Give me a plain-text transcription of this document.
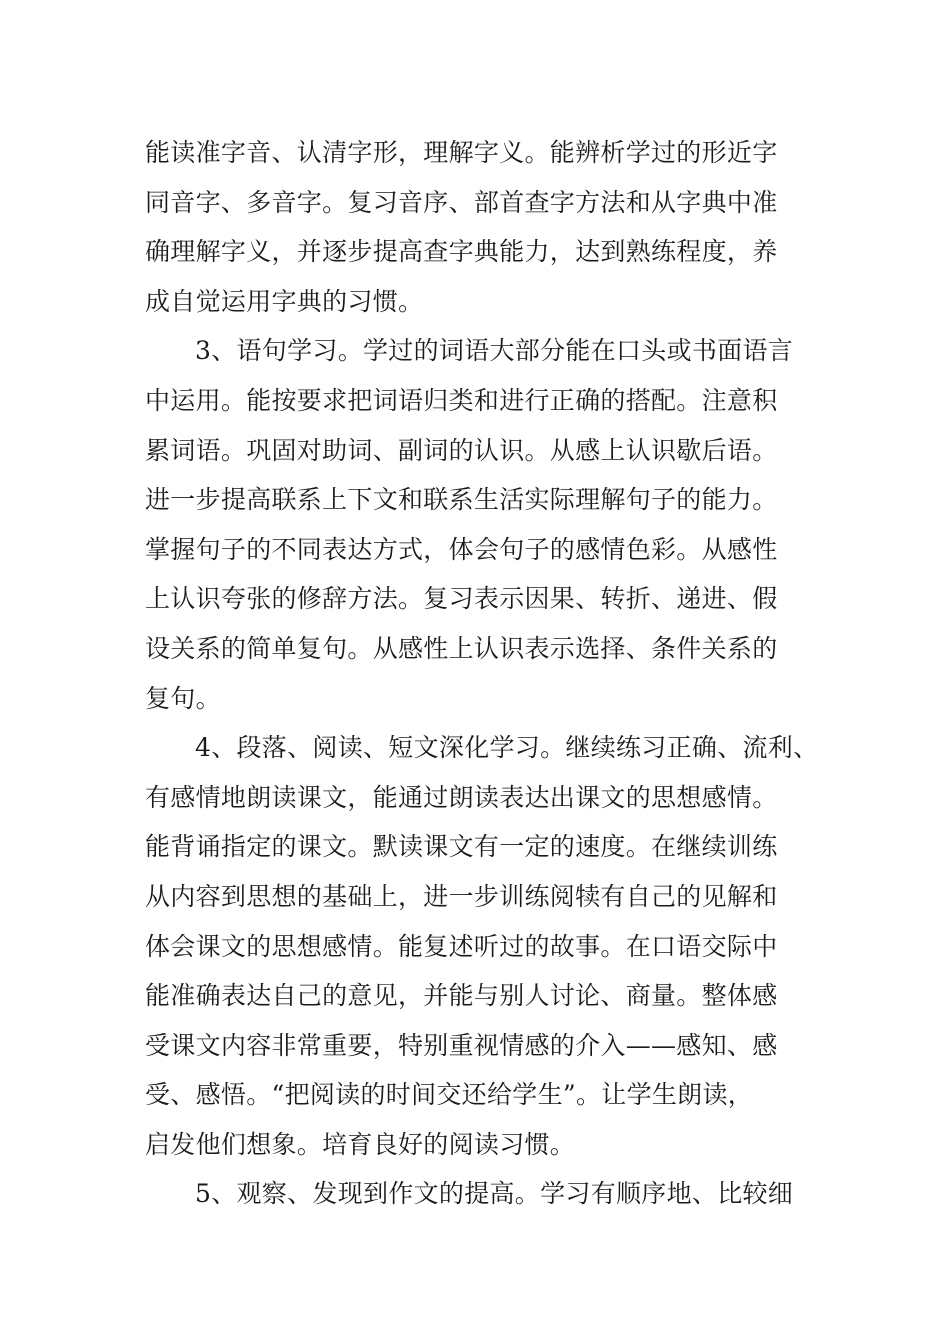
能读准字音、认清字形，理解字义。能辨析学过的形近字
同音字、多音字。复习音序、部首查字方法和从字典中准
确理解字义，并逐步提高查字典能力，达到熟练程度，养
成自觉运用字典的习惯。
3、语句学习。学过的词语大部分能在口头或书面语言
中运用。能按要求把词语归类和进行正确的搭配。注意积
累词语。巩固对助词、副词的认识。从感上认识歇后语。
进一步提高联系上下文和联系生活实际理解句子的能力。
掌握句子的不同表达方式，体会句子的感情色彩。从感性
上认识夸张的修辞方法。复习表示因果、转折、递进、假
设关系的简单复句。从感性上认识表示选择、条件关系的
复句。
4、段落、阅读、短文深化学习。继续练习正确、流利、
有感情地朗读课文，能通过朗读表达出课文的思想感情。
能背诵指定的课文。默读课文有一定的速度。在继续训练
从内容到思想的基础上，进一步训练阅犊有自己的见解和
体会课文的思想感情。能复述听过的故事。在口语交际中
能准确表达自己的意见，并能与别人讨论、商量。整体感
受课文内容非常重要，特别重视情感的介入——感知、感
受、感悟。“把阅读的时间交还给学生”。让学生朗读，
启发他们想象。培育良好的阅读习惯。
5、观察、发现到作文的提高。学习有顺序地、比较细
